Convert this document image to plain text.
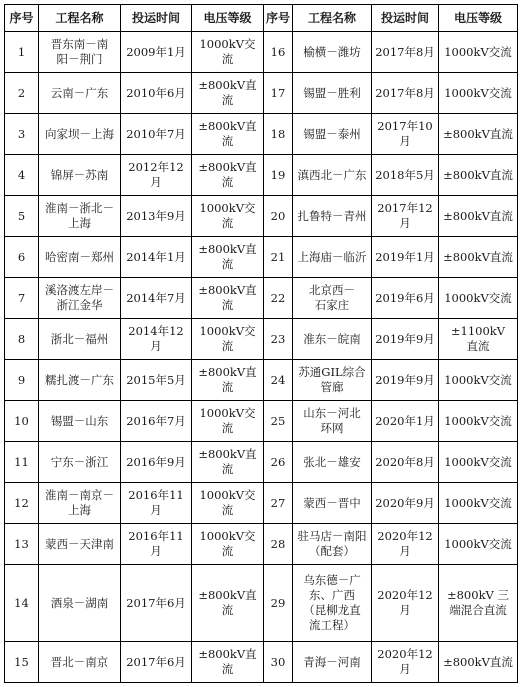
序号	工程名称	投运时间	电压等级	序号	工程名称	投运时间	电压等级
1	晋东南－南
阳－荆门	2009年1月	1000kV交流	16	榆横－潍坊	2017年8月	1000kV交流
2	云南－广东	2010年6月	±800kV直流	17	锡盟－胜利	2017年8月	1000kV交流
3	向家坝－上海	2010年7月	±800kV直流	18	锡盟－泰州	2017年10月	±800kV直流
4	锦屏－苏南	2012年12月	±800kV直流	19	滇西北－广东	2018年5月	±800kV直流
5	淮南－浙北－
上海	2013年9月	1000kV交流	20	扎鲁特－青州	2017年12月	±800kV直流
6	哈密南－郑州	2014年1月	±800kV直流	21	上海庙－临沂	2019年1月	±800kV直流
7	溪洛渡左岸－
浙江金华	2014年7月	±800kV直流	22	北京西－
石家庄	2019年6月	1000kV交流
8	浙北－福州	2014年12月	1000kV交流	23	准东－皖南	2019年9月	±1100kV
直流
9	糯扎渡－广东	2015年5月	±800kV直流	24	苏通GIL综合
管廊	2019年9月	1000kV交流
10	锡盟－山东	2016年7月	1000kV交流	25	山东－河北
环网	2020年1月	1000kV交流
11	宁东－浙江	2016年9月	±800kV直流	26	张北－雄安	2020年8月	1000kV交流
12	淮南－南京－
上海	2016年11月	1000kV交流	27	蒙西－晋中	2020年9月	1000kV交流
13	蒙西－天津南	2016年11月	1000kV交流	28	驻马店－南阳
（配套）	2020年12月	1000kV交流
14	酒泉－湖南	2017年6月	±800kV直流	29	乌东德－广
东、广西
（昆柳龙直
流工程）	2020年12月	±800kV 三
端混合直流
15	晋北－南京	2017年6月	±800kV直流	30	青海－河南	2020年12月	±800kV直流
